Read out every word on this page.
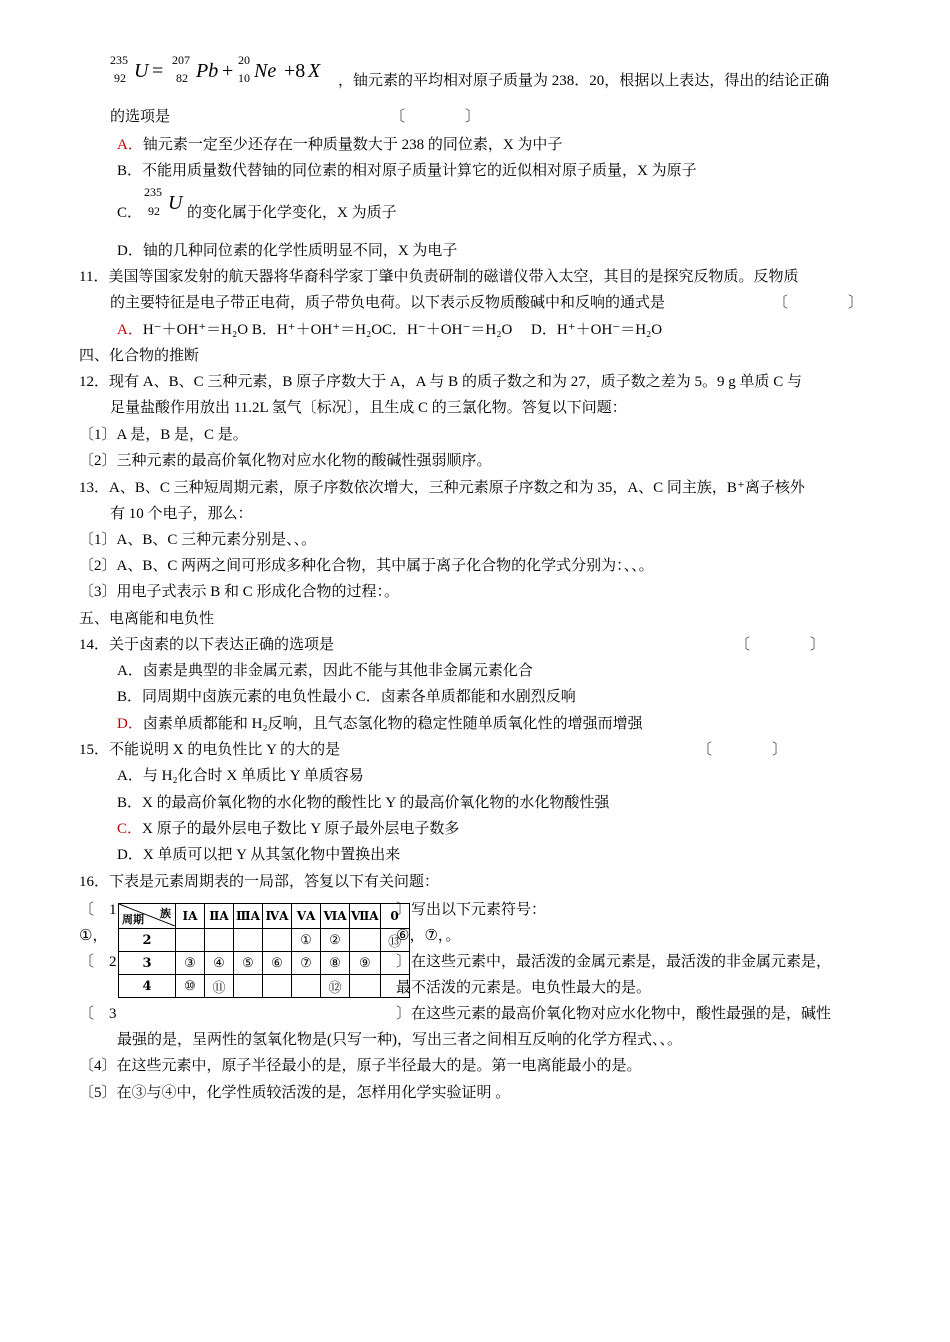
235
92 U = 207
82 Pb + 20
10 Ne +8 X ，铀元素的平均相对原子质量为 238．20，根据以上表达，得出的结论正确
的选项是	〔　　　　〕
A．铀元素一定至少还存在一种质量数大于 238 的同位素，X 为中子
B．不能用质量数代替铀的同位素的相对原子质量计算它的近似相对原子质量，X 为原子
C．
235
92 U 的变化属于化学变化，X 为质子
D．铀的几种同位素的化学性质明显不同，X 为电子
11．美国等国家发射的航天器将华裔科学家丁肇中负责研制的磁谱仪带入太空，其目的是探究反物质。反物质
的主要特征是电子带正电荷，质子带负电荷。以下表示反物质酸碱中和反响的通式是	〔　　　　〕
A．H⁻＋OH⁺＝H₂O B．H⁺＋OH⁺＝H₂OC．H⁻＋OH⁻＝H₂O　 D．H⁺＋OH⁻＝H₂O
四、化合物的推断
12．现有 A、B、C 三种元素，B 原子序数大于 A，A 与 B 的质子数之和为 27，质子数之差为 5。9 g 单质 C 与
足量盐酸作用放出 11.2L 氢气〔标况〕，且生成 C 的三氯化物。答复以下问题：
〔1〕A 是，B 是，C 是。
〔2〕三种元素的最高价氧化物对应水化物的酸碱性强弱顺序。
13．A、B、C 三种短周期元素，原子序数依次增大，三种元素原子序数之和为 35，A、C 同主族，B⁺离子核外
有 10 个电子，那么：
〔1〕A、B、C 三种元素分别是、、。
〔2〕A、B、C 两两之间可形成多种化合物，其中属于离子化合物的化学式分别为：、、。
〔3〕用电子式表示 B 和 C 形成化合物的过程：。
五、电离能和电负性
14．关于卤素的以下表达正确的选项是	〔　　　　〕
A．卤素是典型的非金属元素，因此不能与其他非金属元素化合
B．同周期中卤族元素的电负性最小 C．卤素各单质都能和水剧烈反响
D．卤素单质都能和 H₂反响，且气态氢化物的稳定性随单质氧化性的增强而增强
15．不能说明 X 的电负性比 Y 的大的是	〔　　　　〕
A．与 H₂化合时 X 单质比 Y 单质容易
B．X 的最高价氧化物的水化物的酸性比 Y 的最高价氧化物的水化物酸性强
C．X 原子的最外层电子数比 Y 原子最外层电子数多
D．X 单质可以把 Y 从其氢化物中置换出来
16．下表是元素周期表的一局部，答复以下有关问题：
〔　1	〕写出以下元素符号：
①，	⑥，⑦，。
〔　2	〕在这些元素中，最活泼的金属元素是，最活泼的非金属元素是，
最不活泼的元素是。电负性最大的是。
〔　3	〕在这些元素的最高价氧化物对应水化物中，酸性最强的是，碱性
最强的是，呈两性的氢氧化物是(只写一种)，写出三者之间相互反响的化学方程式、、。
〔4〕在这些元素中，原子半径最小的是，原子半径最大的是。第一电离能最小的是。
〔5〕在③与④中，化学性质较活泼的是，怎样用化学实验证明 。
族
周期	IA	ⅡA	ⅢA	ⅣA	ⅤA	ⅥA	ⅦA	0
2					①	②		⑬
3	③	④	⑤	⑥	⑦	⑧	⑨	
4	⑩	⑪				⑫		
